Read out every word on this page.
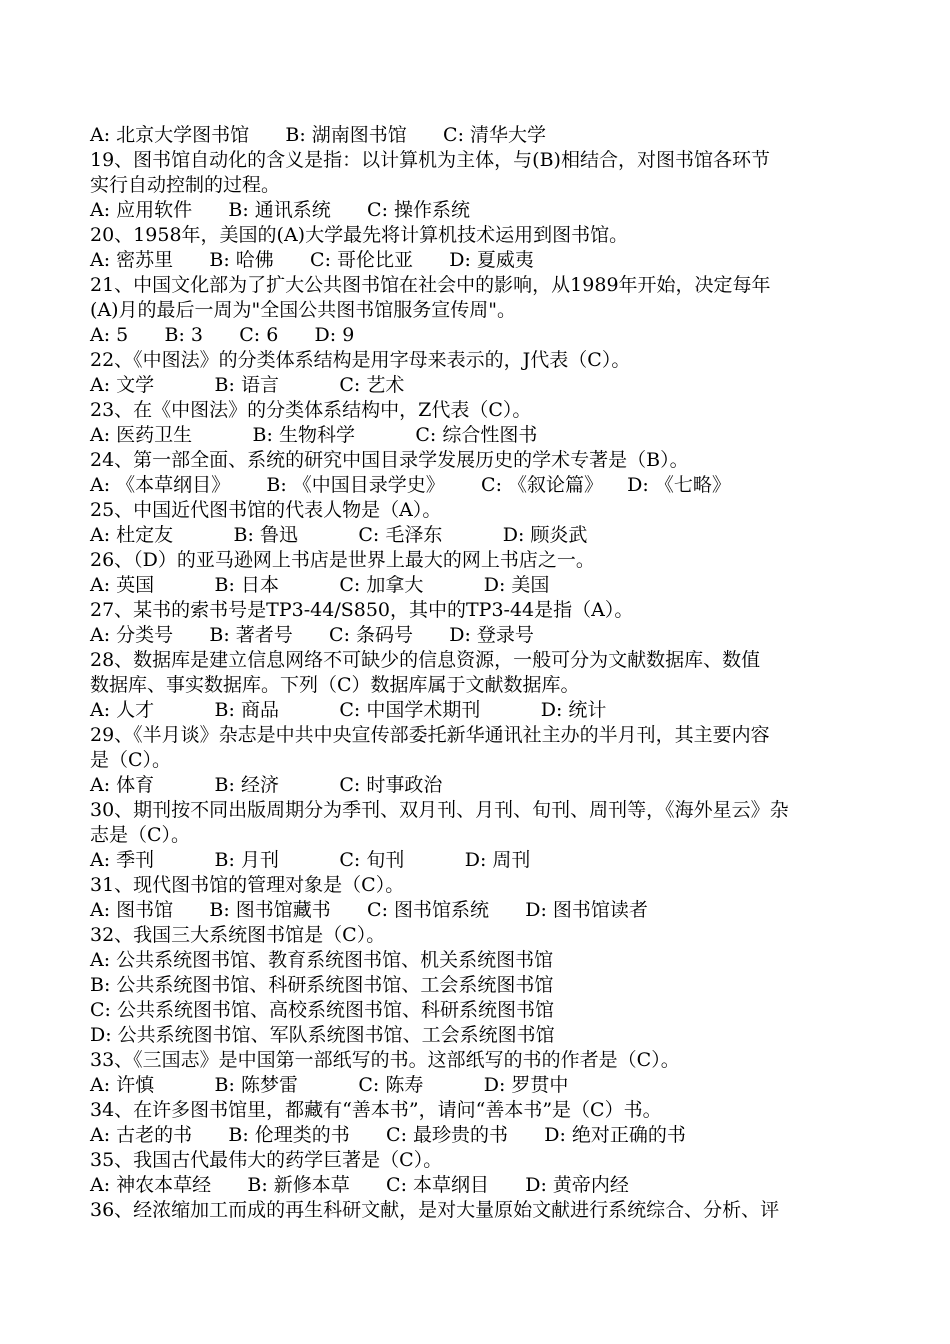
A: 北京大学图书馆      B: 湖南图书馆      C: 清华大学
19、图书馆自动化的含义是指：以计算机为主体，与(B)相结合，对图书馆各环节
实行自动控制的过程。
A: 应用软件      B: 通讯系统      C: 操作系统
20、1958年，美国的(A)大学最先将计算机技术运用到图书馆。
A: 密苏里      B: 哈佛      C: 哥伦比亚      D: 夏威夷
21、中国文化部为了扩大公共图书馆在社会中的影响，从1989年开始，决定每年
(A)月的最后一周为"全国公共图书馆服务宣传周"。
A: 5      B: 3      C: 6      D: 9
22、《中图法》的分类体系结构是用字母来表示的，J代表（C）。
A: 文学          B: 语言          C: 艺术
23、在《中图法》的分类体系结构中，Z代表（C）。
A: 医药卫生          B: 生物科学          C: 综合性图书
24、第一部全面、系统的研究中国目录学发展历史的学术专著是（B）。
A: 《本草纲目》      B: 《中国目录学史》      C: 《叙论篇》    D: 《七略》
25、中国近代图书馆的代表人物是（A）。
A: 杜定友          B: 鲁迅          C: 毛泽东          D: 顾炎武
26、（D）的亚马逊网上书店是世界上最大的网上书店之一。
A: 英国          B: 日本          C: 加拿大          D: 美国
27、某书的索书号是TP3-44/S850，其中的TP3-44是指（A）。
A: 分类号      B: 著者号      C: 条码号      D: 登录号
28、数据库是建立信息网络不可缺少的信息资源，一般可分为文献数据库、数值
数据库、事实数据库。下列（C）数据库属于文献数据库。
A: 人才          B: 商品          C: 中国学术期刊          D: 统计
29、《半月谈》杂志是中共中央宣传部委托新华通讯社主办的半月刊，其主要内容
是（C）。
A: 体育          B: 经济          C: 时事政治
30、期刊按不同出版周期分为季刊、双月刊、月刊、旬刊、周刊等，《海外星云》杂
志是（C）。
A: 季刊          B: 月刊          C: 旬刊          D: 周刊
31、现代图书馆的管理对象是（C）。
A: 图书馆      B: 图书馆藏书      C: 图书馆系统      D: 图书馆读者
32、我国三大系统图书馆是（C）。
A: 公共系统图书馆、教育系统图书馆、机关系统图书馆
B: 公共系统图书馆、科研系统图书馆、工会系统图书馆
C: 公共系统图书馆、高校系统图书馆、科研系统图书馆
D: 公共系统图书馆、军队系统图书馆、工会系统图书馆
33、《三国志》是中国第一部纸写的书。这部纸写的书的作者是（C）。
A: 许慎          B: 陈梦雷          C: 陈寿          D: 罗贯中
34、在许多图书馆里，都藏有“善本书”，请问“善本书”是（C）书。
A: 古老的书      B: 伦理类的书      C: 最珍贵的书      D: 绝对正确的书
35、我国古代最伟大的药学巨著是（C）。
A: 神农本草经      B: 新修本草      C: 本草纲目      D: 黄帝内经
36、经浓缩加工而成的再生科研文献，是对大量原始文献进行系统综合、分析、评
